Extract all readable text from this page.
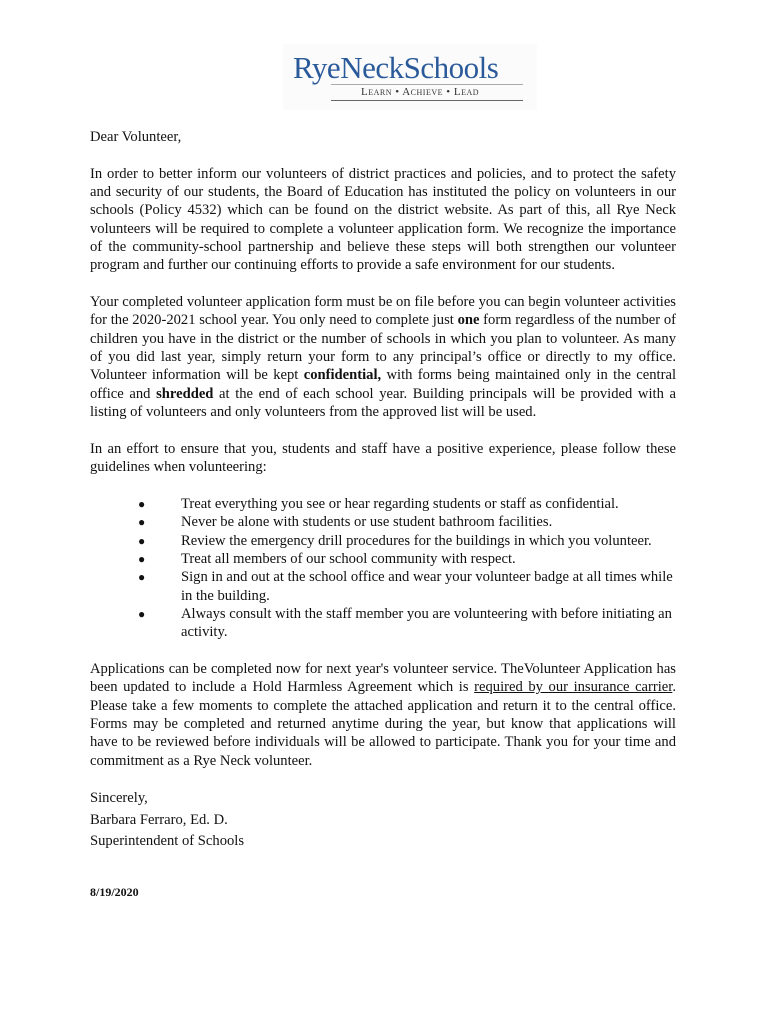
RyeNeckSchools
Learn • Achieve • Lead

Dear Volunteer,

In order to better inform our volunteers of district practices and policies, and to protect the safety and security of our students, the Board of Education has instituted the policy on volunteers in our schools (Policy 4532) which can be found on the district website. As part of this, all Rye Neck volunteers will be required to complete a volunteer application form. We recognize the importance of the community-school partnership and believe these steps will both strengthen our volunteer program and further our continuing efforts to provide a safe environment for our students.

Your completed volunteer application form must be on file before you can begin volunteer activities for the 2020-2021 school year. You only need to complete just one form regardless of the number of children you have in the district or the number of schools in which you plan to volunteer. As many of you did last year, simply return your form to any principal’s office or directly to my office. Volunteer information will be kept confidential, with forms being maintained only in the central office and shredded at the end of each school year. Building principals will be provided with a listing of volunteers and only volunteers from the approved list will be used.

In an effort to ensure that you, students and staff have a positive experience, please follow these guidelines when volunteering:

● Treat everything you see or hear regarding students or staff as confidential.
● Never be alone with students or use student bathroom facilities.
● Review the emergency drill procedures for the buildings in which you volunteer.
● Treat all members of our school community with respect.
● Sign in and out at the school office and wear your volunteer badge at all times while in the building.
● Always consult with the staff member you are volunteering with before initiating an activity.

Applications can be completed now for next year's volunteer service. TheVolunteer Application has been updated to include a Hold Harmless Agreement which is required by our insurance carrier. Please take a few moments to complete the attached application and return it to the central office. Forms may be completed and returned anytime during the year, but know that applications will have to be reviewed before individuals will be allowed to participate. Thank you for your time and commitment as a Rye Neck volunteer.

Sincerely,
Barbara Ferraro, Ed. D.
Superintendent of Schools
8/19/2020
